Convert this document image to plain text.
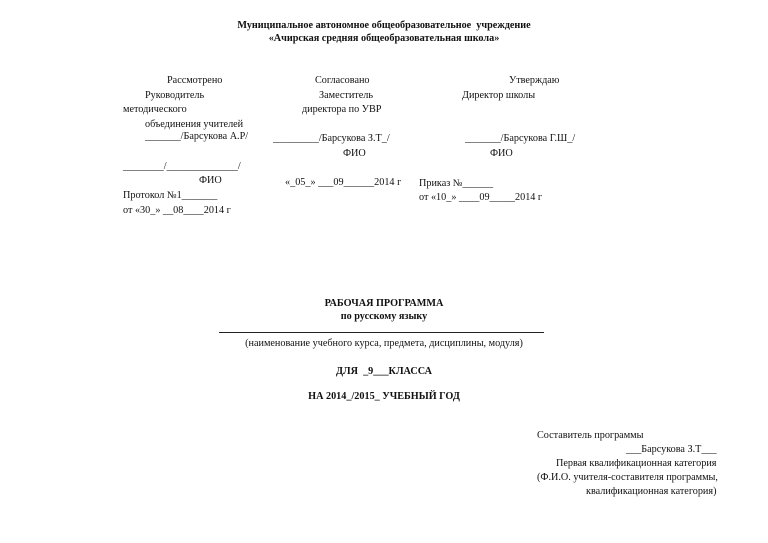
Муниципальное автономное общеобразовательное  учреждение
«Ачирская средняя общеобразовательная школа»
Рассмотрено
Руководитель
методического
объединения учителей
_______/Барсукова А.Р/
________/______________/
ФИО
Протокол №1_______
от «30_» __08____2014 г
Согласовано
Заместитель
директора по УВР
_________/Барсукова З.Т_/
ФИО
«_05_» ___09______2014 г
Утверждаю
Директор школы
_______/Барсукова Г.Ш_/
ФИО
Приказ №______
от «10_» ____09_____2014 г
РАБОЧАЯ ПРОГРАММА
по русскому языку
(наименование учебного курса, предмета, дисциплины, модуля)
ДЛЯ  _9___КЛАССА
НА 2014_/2015_ УЧЕБНЫЙ ГОД
Составитель программы
___Барсукова З.Т___
Первая квалификационная категория
(Ф.И.О. учителя-составителя программы,
квалификационная категория)
